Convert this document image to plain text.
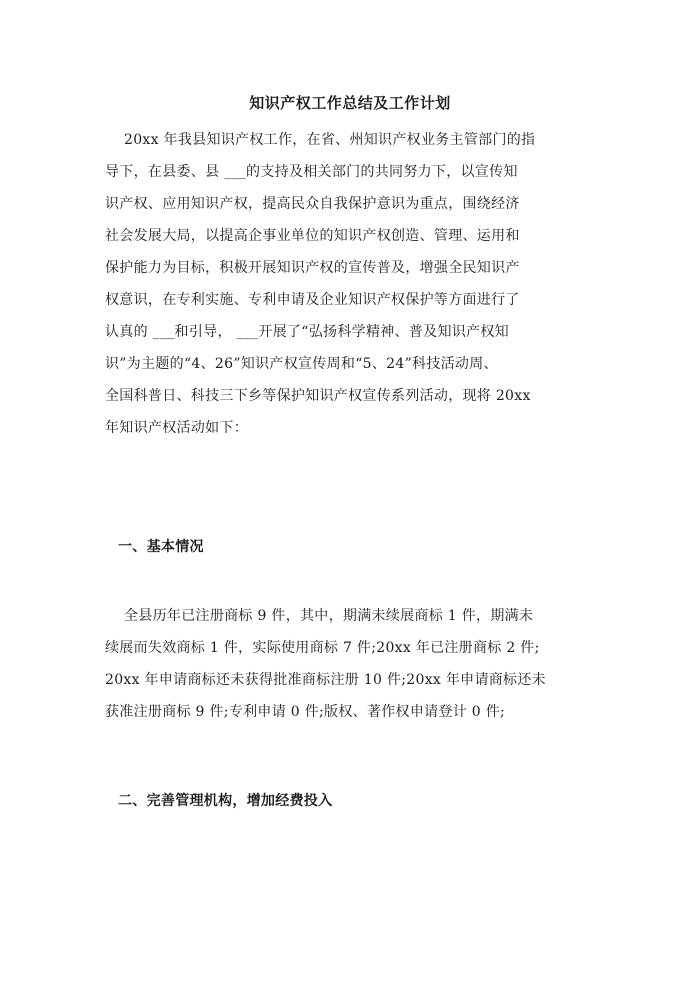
知识产权工作总结及工作计划

20xx 年我县知识产权工作，在省、州知识产权业务主管部门的指

导下，在县委、县 ___的支持及相关部门的共同努力下，以宣传知

识产权、应用知识产权，提高民众自我保护意识为重点，围绕经济

社会发展大局，以提高企事业单位的知识产权创造、管理、运用和

保护能力为目标，积极开展知识产权的宣传普及，增强全民知识产

权意识，在专利实施、专利申请及企业知识产权保护等方面进行了

认真的 ___和引导， ___开展了“弘扬科学精神、普及知识产权知

识”为主题的“4、26”知识产权宣传周和“5、24”科技活动周、

全国科普日、科技三下乡等保护知识产权宣传系列活动，现将 20xx

年知识产权活动如下：

一、基本情况

全县历年已注册商标 9 件，其中，期满未续展商标 1 件，期满未

续展而失效商标 1 件，实际使用商标 7 件;20xx 年已注册商标 2 件;

20xx 年申请商标还未获得批准商标注册 10 件;20xx 年申请商标还未

获准注册商标 9 件;专利申请 0 件;版权、著作权申请登计 0 件;

二、完善管理机构，增加经费投入
